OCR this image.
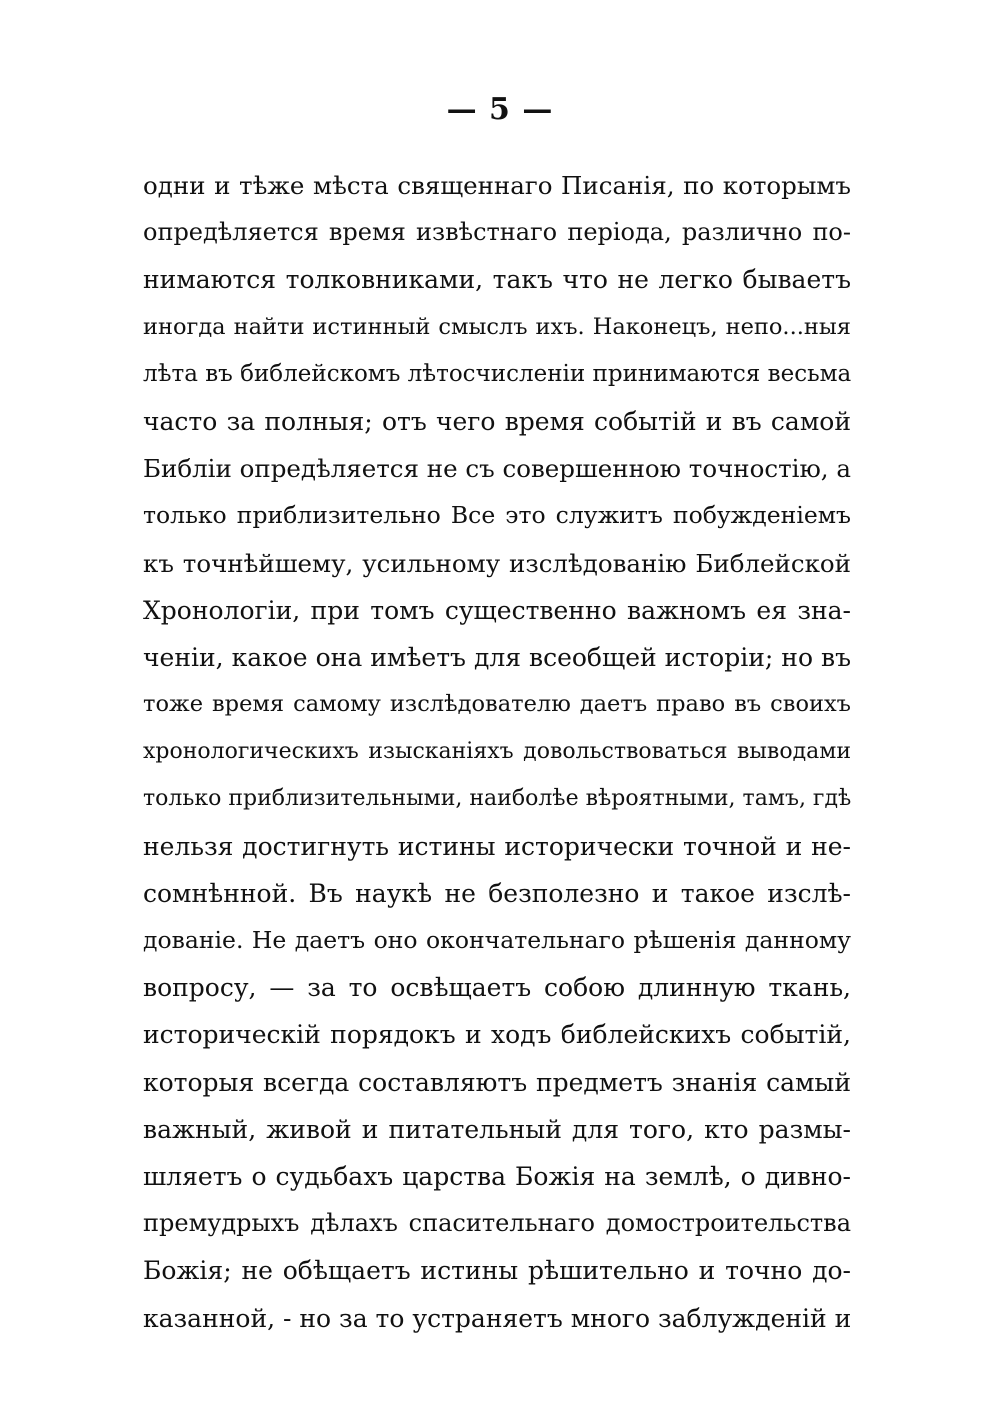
— 5 —
одни и тѣже мѣста священнаго Писанія, по которымъ
опредѣляется время извѣстнаго періода, различно по-
нимаются толковниками, такъ что не легко бываетъ
иногда найти истинный смыслъ ихъ. Наконецъ, непо...ныя
лѣта въ библейскомъ лѣтосчисленіи принимаются весьма
часто за полныя; отъ чего время событій и въ самой
Библіи опредѣляется не съ совершенною точностію, а
только приблизительно Все это служитъ побужденіемъ
къ точнѣйшему, усильному изслѣдованію Библейской
Хронологіи, при томъ существенно важномъ ея зна-
ченіи, какое она имѣетъ для всеобщей исторіи; но въ
тоже время самому изслѣдователю даетъ право въ своихъ
хронологическихъ изысканіяхъ довольствоваться выводами
только приблизительными, наиболѣе вѣроятными, тамъ, гдѣ
нельзя достигнуть истины исторически точной и не-
сомнѣнной. Въ наукѣ не безполезно и такое изслѣ-
дованіе. Не даетъ оно окончательнаго рѣшенія данному
вопросу, — за то освѣщаетъ собою длинную ткань,
историческій порядокъ и ходъ библейскихъ событій,
которыя всегда составляютъ предметъ знанія самый
важный, живой и питательный для того, кто размы-
шляетъ о судьбахъ царства Божія на землѣ, о дивно-
премудрыхъ дѣлахъ спасительнаго домостроительства
Божія; не обѣщаетъ истины рѣшительно и точно до-
казанной, - но за то устраняетъ много заблужденій и
